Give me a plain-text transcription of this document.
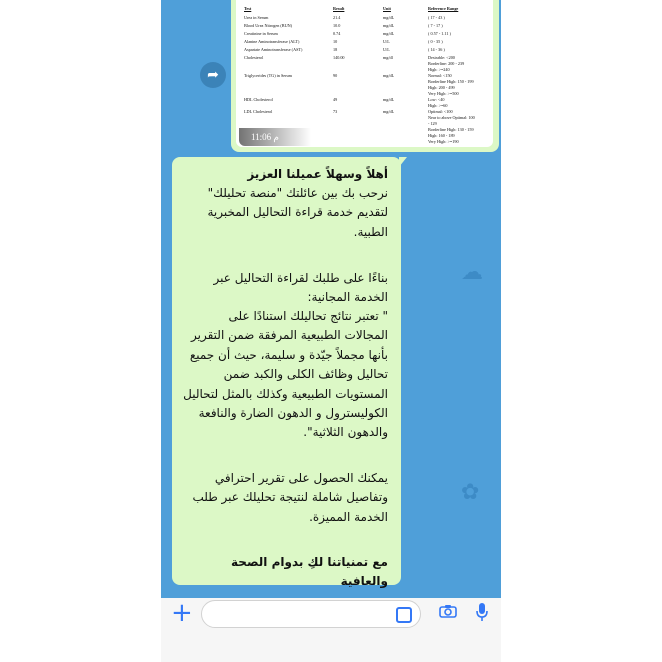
☁
✿
➦
Test	Result	Unit	Reference Range
Urea in Serum	21.4	mg/dL	( 17 - 43 )
Blood Urea Nitrogen (BUN)	10.0	mg/dL	( 7 - 17 )
Creatinine in Serum	0.74	mg/dL	( 0.57 - 1.11 )
Alanine Aminotransferase (ALT)	10	U/L	( 0 - 35 )
Aspartate Aminotransferase (AST)	18	U/L	( 14 - 36 )
Cholesterol	140.00	mg/dl	Desirable: <200
Borderline: 200 - 239
High: >=240
Triglycerides (TG) in Serum	90	mg/dL	Normal: <150
Borderline High: 150 - 199
High: 200 - 499
Very High: >=500
HDL Cholesterol	49	mg/dL	Low: <40
High: >=60
LDL Cholesterol	73	mg/dL	Optimal: <100
Near to above Optimal: 100
- 129
Borderline High: 130 - 159
High: 160 - 189
Very High: >=190
11:06 م

أهلاً وسهلاً عميلنا العزيز

نرحب بك بين عائلتك "منصة تحليلك" لتقديم خدمة قراءة التحاليل المخبرية الطبية.

بناءًا على طلبك لقراءة التحاليل عبر الخدمة المجانية:

" تعتبر نتائج تحاليلك استنادًا على المجالات الطبيعية المرفقة ضمن التقرير بأنها مجملاً جيّدة و سليمة، حيث أن جميع تحاليل وظائف الكلى والكبد ضمن المستويات الطبيعية وكذلك بالمثل لتحاليل الكوليسترول و الدهون الضارة والنافعة والدهون الثلاثية".

يمكنك الحصول على تقرير احترافي وتفاصيل شاملة لنتيجة تحليلك عبر طلب الخدمة المميزة.

مع تمنياتنا لكِ بدوام الصحة والعافية

+
